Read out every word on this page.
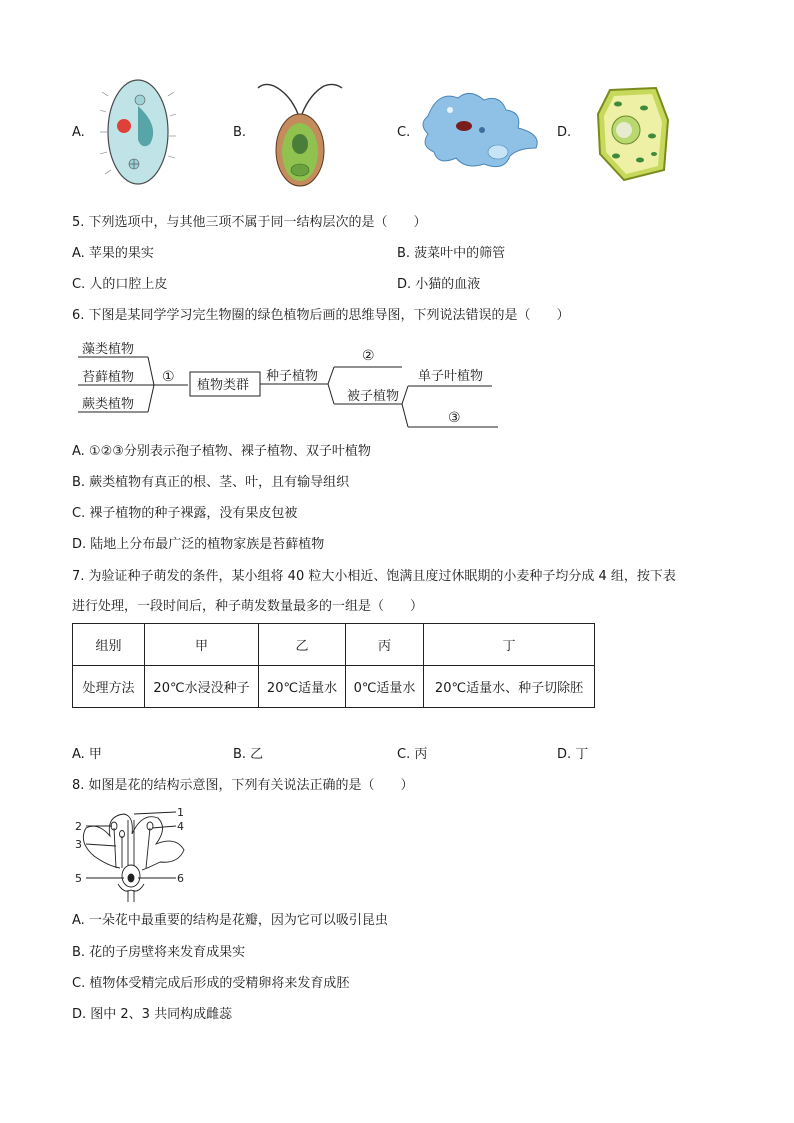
A.	B.	C.	D.
5. 下列选项中，与其他三项不属于同一结构层次的是（　　）
A. 苹果的果实	B. 菠菜叶中的筛管
C. 人的口腔上皮	D. 小猫的血液
6. 下图是某同学学习完生物圈的绿色植物后画的思维导图，下列说法错误的是（　　）
藻类植物
苔藓植物
蕨类植物
①
植物类群
种子植物
②
被子植物
单子叶植物
③
A. ①②③分别表示孢子植物、裸子植物、双子叶植物
B. 蕨类植物有真正的根、茎、叶，且有输导组织
C. 裸子植物的种子裸露，没有果皮包被
D. 陆地上分布最广泛的植物家族是苔藓植物
7. 为验证种子萌发的条件，某小组将 40 粒大小相近、饱满且度过休眠期的小麦种子均分成 4 组，按下表
进行处理，一段时间后，种子萌发数量最多的一组是（　　）
组别	甲	乙	丙	丁
处理方法	20℃水浸没种子	20℃适量水	0℃适量水	20℃适量水、种子切除胚
A. 甲	B. 乙	C. 丙	D. 丁
8. 如图是花的结构示意图，下列有关说法正确的是（　　）
1
2
3
4
5	6
A. 一朵花中最重要的结构是花瓣，因为它可以吸引昆虫
B. 花的子房壁将来发育成果实
C. 植物体受精完成后形成的受精卵将来发育成胚
D. 图中 2、3 共同构成雌蕊
